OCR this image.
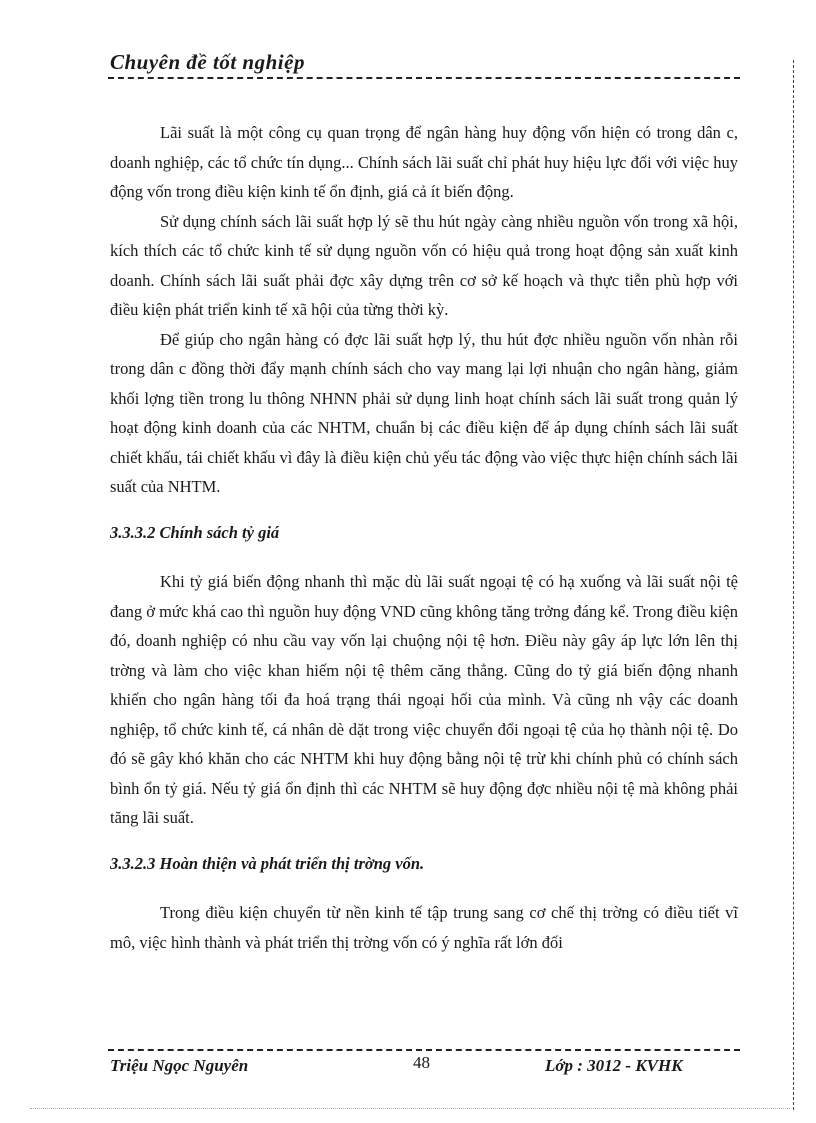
Chuyên đề tốt nghiệp

Lãi suất là một công cụ quan trọng để ngân hàng huy động vốn hiện có trong dân c, doanh nghiệp, các tổ chức tín dụng... Chính sách lãi suất chỉ phát huy hiệu lực đối với việc huy động vốn trong điều kiện kinh tế ổn định, giá cả ít biến động.

Sử dụng chính sách lãi suất hợp lý sẽ thu hút ngày càng nhiều nguồn vốn trong xã hội, kích thích các tổ chức kinh tế sử dụng nguồn vốn có hiệu quả trong hoạt động sản xuất kinh doanh. Chính sách lãi suất phải đợc xây dựng trên cơ sở kế hoạch và thực tiễn phù hợp với điều kiện phát triển kinh tế xã hội của từng thời kỳ.

Để giúp cho ngân hàng có đợc lãi suất hợp lý, thu hút đợc nhiều nguồn vốn nhàn rỗi trong dân c đồng thời đẩy mạnh chính sách cho vay mang lại lợi nhuận cho ngân hàng, giảm khối lợng tiền trong lu thông NHNN phải sử dụng linh hoạt chính sách lãi suất trong quản lý hoạt động kinh doanh của các NHTM, chuẩn bị các điều kiện để áp dụng chính sách lãi suất chiết khấu, tái chiết khấu vì đây là điều kiện chủ yếu tác động vào việc thực hiện chính sách lãi suất của NHTM.

3.3.3.2 Chính sách tỷ giá

Khi tỷ giá biến động nhanh thì mặc dù lãi suất ngoại tệ có hạ xuống và lãi suất nội tệ đang ở mức khá cao thì nguồn huy động VND cũng không tăng trởng đáng kể. Trong điều kiện đó, doanh nghiệp có nhu cầu vay vốn lại chuộng nội tệ hơn. Điều này gây áp lực lớn lên thị trờng và làm cho việc khan hiếm nội tệ thêm căng thẳng. Cũng do tỷ giá biến động nhanh khiến cho ngân hàng tối đa hoá trạng thái ngoại hối của mình. Và cũng nh vậy các doanh nghiệp, tổ chức kinh tế, cá nhân dè dặt trong việc chuyển đổi ngoại tệ của họ thành nội tệ. Do đó sẽ gây khó khăn cho các NHTM khi huy động bằng nội tệ trừ khi chính phủ có chính sách bình ổn tỷ giá. Nếu tỷ giá ổn định thì các NHTM sẽ huy động đợc nhiều nội tệ mà không phải tăng lãi suất.

3.3.2.3 Hoàn thiện và phát triển thị trờng vốn.

Trong điều kiện chuyển từ nền kinh tế tập trung sang cơ chế thị trờng có điều tiết vĩ mô, việc hình thành và phát triển thị trờng vốn có ý nghĩa rất lớn đối

Triệu Ngọc Nguyên	48	Lớp : 3012 - KVHK
